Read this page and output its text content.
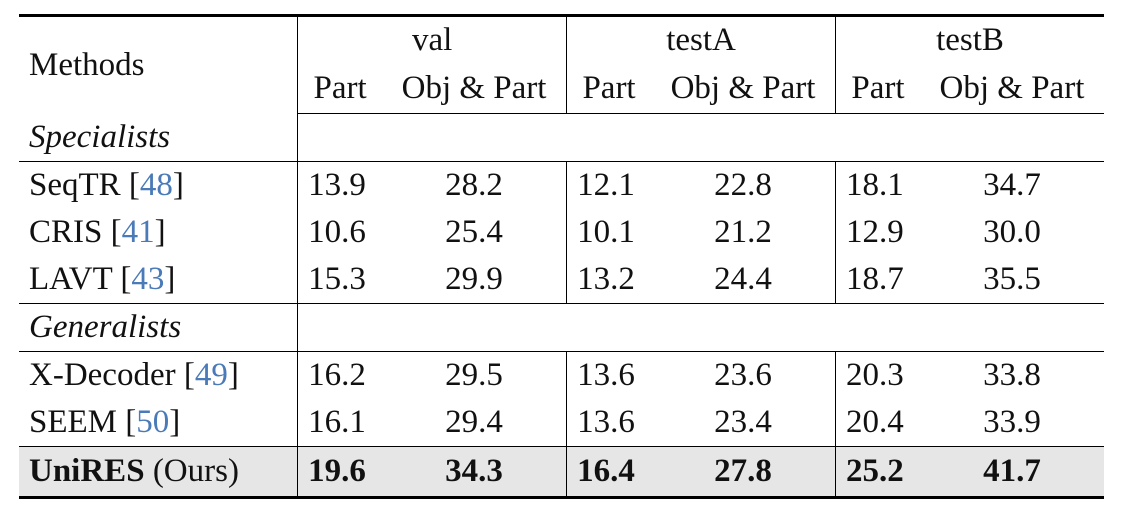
Methods	val		testA		testB	
	Part	Obj & Part	Part	Obj & Part	Part	Obj & Part
Specialists						
SeqTR [48]	13.9	28.2	12.1	22.8	18.1	34.7
CRIS [41]	10.6	25.4	10.1	21.2	12.9	30.0
LAVT [43]	15.3	29.9	13.2	24.4	18.7	35.5
Generalists						
X-Decoder [49]	16.2	29.5	13.6	23.6	20.3	33.8
SEEM [50]	16.1	29.4	13.6	23.4	20.4	33.9
UniRES (Ours)	19.6	34.3	16.4	27.8	25.2	41.7
